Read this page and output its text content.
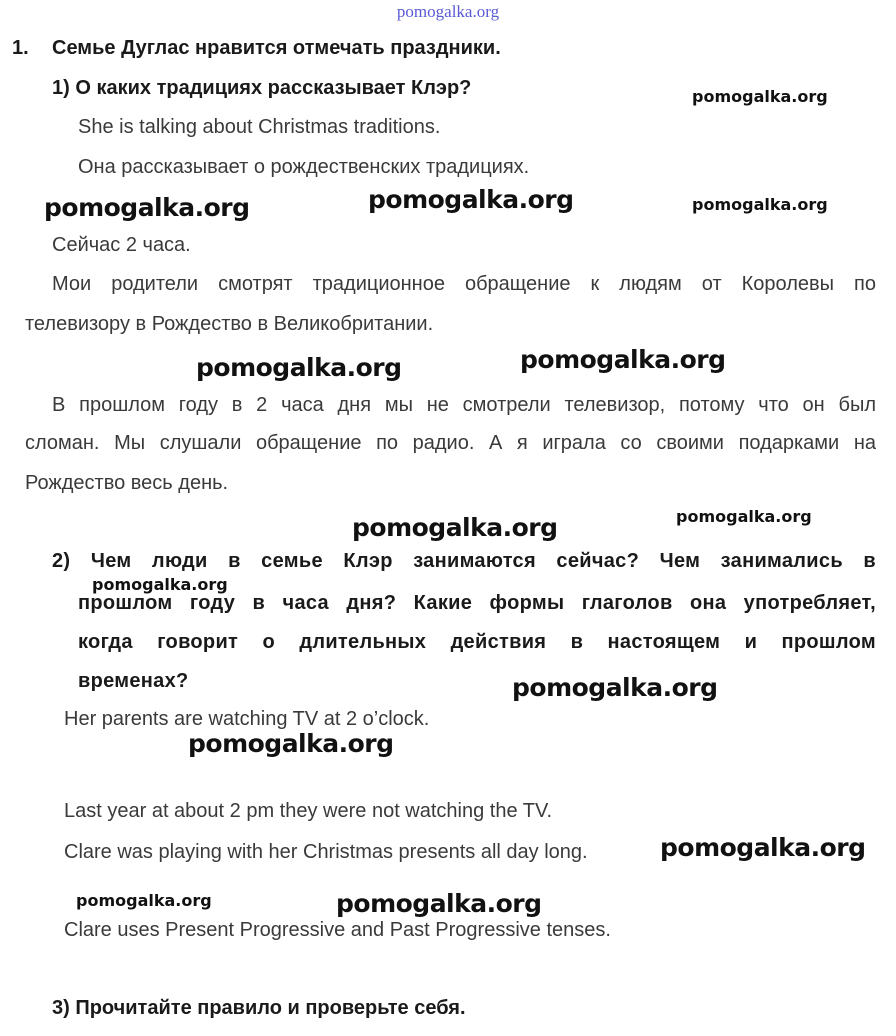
pomogalka.org
1. Семье Дуглас нравится отмечать праздники.
1) О каких традициях рассказывает Клэр?
She is talking about Christmas traditions.
Она рассказывает о рождественских традициях.
Сейчас 2 часа.
Мои родители смотрят традиционное обращение к людям от Королевы по
телевизору в Рождество в Великобритании.
В прошлом году в 2 часа дня мы не смотрели телевизор, потому что он был
сломан. Мы слушали обращение по радио. А я играла со своими подарками на
Рождество весь день.
2) Чем люди в семье Клэр занимаются сейчас? Чем занимались в
прошлом году в часа дня? Какие формы глаголов она употребляет,
когда говорит о длительных действия в настоящем и прошлом
временах?
Her parents are watching TV at 2 o’clock.
Last year at about 2 pm they were not watching the TV.
Clare was playing with her Christmas presents all day long.
Clare uses Present Progressive and Past Progressive tenses.
3) Прочитайте правило и проверьте себя.
pomogalka.org
pomogalka.org	pomogalka.org	pomogalka.org
pomogalka.org	pomogalka.org
pomogalka.org	pomogalka.org
pomogalka.org
pomogalka.org
pomogalka.org
pomogalka.org
pomogalka.org	pomogalka.org
